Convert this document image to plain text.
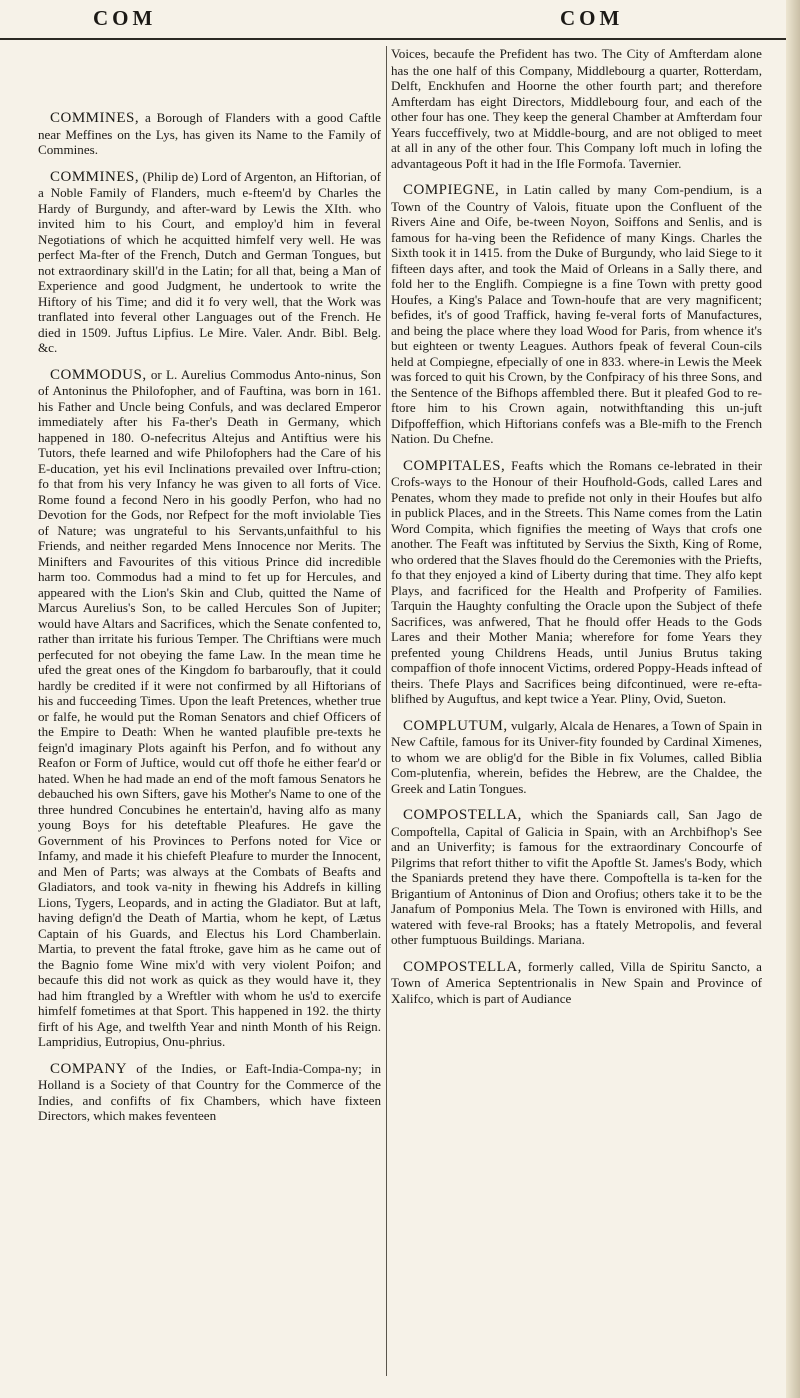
COM	COM

COMMINES, a Borough of Flanders with a good Caftle near Meffines on the Lys, has given its Name to the Family of Commines.

COMMINES, (Philip de) Lord of Argenton, an Hiftorian, of a Noble Family of Flanders, much e-fteem'd by Charles the Hardy of Burgundy, and after-ward by Lewis the XIth. who invited him to his Court, and employ'd him in feveral Negotiations of which he acquitted himfelf very well. He was perfect Ma-fter of the French, Dutch and German Tongues, but not extraordinary skill'd in the Latin; for all that, being a Man of Experience and good Judgment, he undertook to write the Hiftory of his Time; and did it fo very well, that the Work was tranflated into feveral other Languages out of the French. He died in 1509. Juftus Lipfius. Le Mire. Valer. Andr. Bibl. Belg. &c.

COMMODUS, or L. Aurelius Commodus Anto-ninus, Son of Antoninus the Philofopher, and of Fauftina, was born in 161. his Father and Uncle being Confuls, and was declared Emperor immediately after his Fa-ther's Death in Germany, which happened in 180. O-nefecritus Altejus and Antiftius were his Tutors, thefe learned and wife Philofophers had the Care of his E-ducation, yet his evil Inclinations prevailed over Inftru-ction; fo that from his very Infancy he was given to all forts of Vice. Rome found a fecond Nero in his goodly Perfon, who had no Devotion for the Gods, nor Refpect for the moft inviolable Ties of Nature; was ungrateful to his Servants,unfaithful to his Friends, and neither regarded Mens Innocence nor Merits. The Minifters and Favourites of this vitious Prince did incredible harm too. Commodus had a mind to fet up for Hercules, and appeared with the Lion's Skin and Club, quitted the Name of Marcus Aurelius's Son, to be called Hercules Son of Jupiter; would have Altars and Sacrifices, which the Senate confented to, rather than irritate his furious Temper. The Chriftians were much perfecuted for not obeying the fame Law. In the mean time he ufed the great ones of the Kingdom fo barbaroufly, that it could hardly be credited if it were not confirmed by all Hiftorians of his and fucceeding Times. Upon the leaft Pretences, whether true or falfe, he would put the Roman Senators and chief Officers of the Empire to Death: When he wanted plaufible pre-texts he feign'd imaginary Plots againft his Perfon, and fo without any Reafon or Form of Juftice, would cut off thofe he either fear'd or hated. When he had made an end of the moft famous Senators he debauched his own Sifters, gave his Mother's Name to one of the three hundred Concubines he entertain'd, having alfo as many young Boys for his deteftable Pleafures. He gave the Government of his Provinces to Perfons noted for Vice or Infamy, and made it his chiefeft Pleafure to murder the Innocent, and Men of Parts; was always at the Combats of Beafts and Gladiators, and took va-nity in fhewing his Addrefs in killing Lions, Tygers, Leopards, and in acting the Gladiator. But at laft, having defign'd the Death of Martia, whom he kept, of Lætus Captain of his Guards, and Electus his Lord Chamberlain. Martia, to prevent the fatal ftroke, gave him as he came out of the Bagnio fome Wine mix'd with very violent Poifon; and becaufe this did not work as quick as they would have it, they had him ftrangled by a Wreftler with whom he us'd to exercife himfelf fometimes at that Sport. This happened in 192. the thirty firft of his Age, and twelfth Year and ninth Month of his Reign. Lampridius, Eutropius, Onu-phrius.

COMPANY of the Indies, or Eaft-India-Compa-ny; in Holland is a Society of that Country for the Commerce of the Indies, and confifts of fix Chambers, which have fixteen Directors, which makes feventeen

Voices, becaufe the Prefident has two. The City of Amfterdam alone has the one half of this Company, Middlebourg a quarter, Rotterdam, Delft, Enckhufen and Hoorne the other fourth part; and therefore Amfterdam has eight Directors, Middlebourg four, and each of the other four has one. They keep the general Chamber at Amfterdam four Years fucceffively, two at Middle-bourg, and are not obliged to meet at all in any of the other four. This Company loft much in lofing the advantageous Poft it had in the Ifle Formofa. Tavernier.

COMPIEGNE, in Latin called by many Com-pendium, is a Town of the Country of Valois, fituate upon the Confluent of the Rivers Aine and Oife, be-tween Noyon, Soiffons and Senlis, and is famous for ha-ving been the Refidence of many Kings. Charles the Sixth took it in 1415. from the Duke of Burgundy, who laid Siege to it fifteen days after, and took the Maid of Orleans in a Sally there, and fold her to the Englifh. Compiegne is a fine Town with pretty good Houfes, a King's Palace and Town-houfe that are very magnificent; befides, it's of good Traffick, having fe-veral forts of Manufactures, and being the place where they load Wood for Paris, from whence it's but eighteen or twenty Leagues. Authors fpeak of feveral Coun-cils held at Compiegne, efpecially of one in 833. where-in Lewis the Meek was forced to quit his Crown, by the Confpiracy of his three Sons, and the Sentence of the Bifhops affembled there. But it pleafed God to re-ftore him to his Crown again, notwithftanding this un-juft Difpoffeffion, which Hiftorians confefs was a Ble-mifh to the French Nation. Du Chefne.

COMPITALES, Feafts which the Romans ce-lebrated in their Crofs-ways to the Honour of their Houfhold-Gods, called Lares and Penates, whom they made to prefide not only in their Houfes but alfo in publick Places, and in the Streets. This Name comes from the Latin Word Compita, which fignifies the meeting of Ways that crofs one another. The Feaft was inftituted by Servius the Sixth, King of Rome, who ordered that the Slaves fhould do the Ceremonies with the Priefts, fo that they enjoyed a kind of Liberty during that time. They alfo kept Plays, and facrificed for the Health and Profperity of Families. Tarquin the Haughty confulting the Oracle upon the Subject of thefe Sacrifices, was anfwered, That he fhould offer Heads to the Gods Lares and their Mother Mania; wherefore for fome Years they prefented young Childrens Heads, until Junius Brutus taking compaffion of thofe innocent Victims, ordered Poppy-Heads inftead of theirs. Thefe Plays and Sacrifices being difcontinued, were re-efta-blifhed by Auguftus, and kept twice a Year. Pliny, Ovid, Sueton.

COMPLUTUM, vulgarly, Alcala de Henares, a Town of Spain in New Caftile, famous for its Univer-fity founded by Cardinal Ximenes, to whom we are oblig'd for the Bible in fix Volumes, called Biblia Com-plutenfia, wherein, befides the Hebrew, are the Chaldee, the Greek and Latin Tongues.

COMPOSTELLA, which the Spaniards call, San Jago de Compoftella, Capital of Galicia in Spain, with an Archbifhop's See and an Univerfity; is famous for the extraordinary Concourfe of Pilgrims that refort thither to vifit the Apoftle St. James's Body, which the Spaniards pretend they have there. Compoftella is ta-ken for the Brigantium of Antoninus of Dion and Orofius; others take it to be the Janafum of Pomponius Mela. The Town is environed with Hills, and watered with feve-ral Brooks; has a ftately Metropolis, and feveral other fumptuous Buildings. Mariana.

COMPOSTELLA, formerly called, Villa de Spiritu Sancto, a Town of America Septentrionalis in New Spain and Province of Xalifco, which is part of Audiance
